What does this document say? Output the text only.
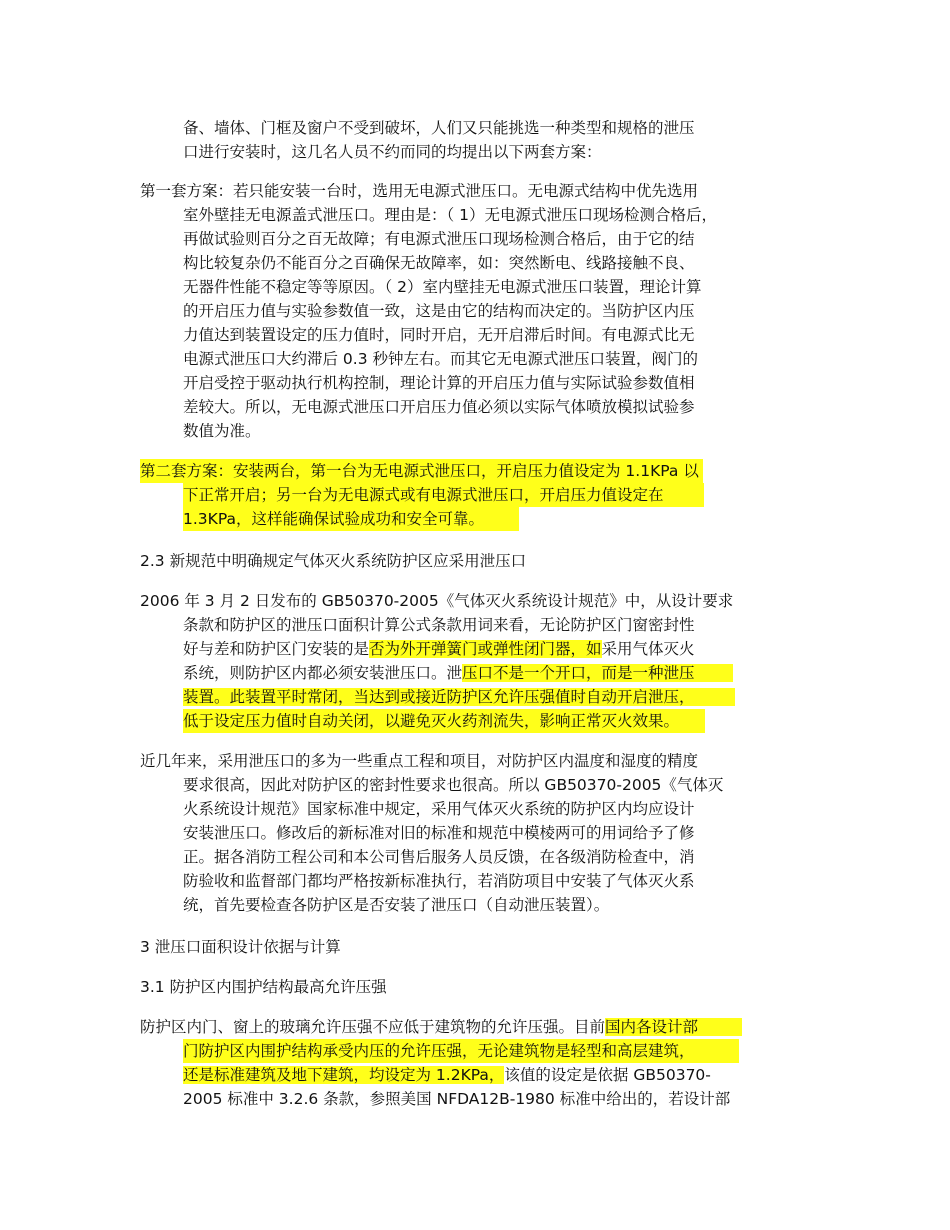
备、墙体、门框及窗户不受到破坏，人们又只能挑选一种类型和规格的泄压
口进行安装时，这几名人员不约而同的均提出以下两套方案：
第一套方案：若只能安装一台时，选用无电源式泄压口。无电源式结构中优先选用
室外壁挂无电源盖式泄压口。理由是：（ 1）无电源式泄压口现场检测合格后，
再做试验则百分之百无故障；有电源式泄压口现场检测合格后，由于它的结
构比较复杂仍不能百分之百确保无故障率，如：突然断电、线路接触不良、
无器件性能不稳定等等原因。（ 2）室内壁挂无电源式泄压口装置，理论计算
的开启压力值与实验参数值一致，这是由它的结构而决定的。当防护区内压
力值达到装置设定的压力值时，同时开启，无开启滞后时间。有电源式比无
电源式泄压口大约滞后 0.3 秒钟左右。而其它无电源式泄压口装置，阀门的
开启受控于驱动执行机构控制，理论计算的开启压力值与实际试验参数值相
差较大。所以，无电源式泄压口开启压力值必须以实际气体喷放模拟试验参
数值为准。
第二套方案：安装两台，第一台为无电源式泄压口，开启压力值设定为 1.1KPa 以
下正常开启；另一台为无电源式或有电源式泄压口，开启压力值设定在
1.3KPa，这样能确保试验成功和安全可靠。
2.3 新规范中明确规定气体灭火系统防护区应采用泄压口
2006 年 3 月 2 日发布的 GB50370-2005《气体灭火系统设计规范》中，从设计要求
条款和防护区的泄压口面积计算公式条款用词来看，无论防护区门窗密封性
好与差和防护区门安装的是否为外开弹簧门或弹性闭门器，如采用气体灭火
系统，则防护区内都必须安装泄压口。泄压口不是一个开口，而是一种泄压
装置。此装置平时常闭，当达到或接近防护区允许压强值时自动开启泄压，
低于设定压力值时自动关闭，以避免灭火药剂流失，影响正常灭火效果。
近几年来，采用泄压口的多为一些重点工程和项目，对防护区内温度和湿度的精度
要求很高，因此对防护区的密封性要求也很高。所以 GB50370-2005《气体灭
火系统设计规范》国家标准中规定，采用气体灭火系统的防护区内均应设计
安装泄压口。修改后的新标准对旧的标准和规范中模棱两可的用词给予了修
正。据各消防工程公司和本公司售后服务人员反馈，在各级消防检查中，消
防验收和监督部门都均严格按新标准执行，若消防项目中安装了气体灭火系
统，首先要检查各防护区是否安装了泄压口（自动泄压装置）。
3 泄压口面积设计依据与计算
3.1 防护区内围护结构最高允许压强
防护区内门、窗上的玻璃允许压强不应低于建筑物的允许压强。目前国内各设计部
门防护区内围护结构承受内压的允许压强，无论建筑物是轻型和高层建筑，
还是标准建筑及地下建筑，均设定为 1.2KPa，该值的设定是依据 GB50370-
2005 标准中 3.2.6 条款，参照美国 NFDA12B-1980 标准中给出的，若设计部
